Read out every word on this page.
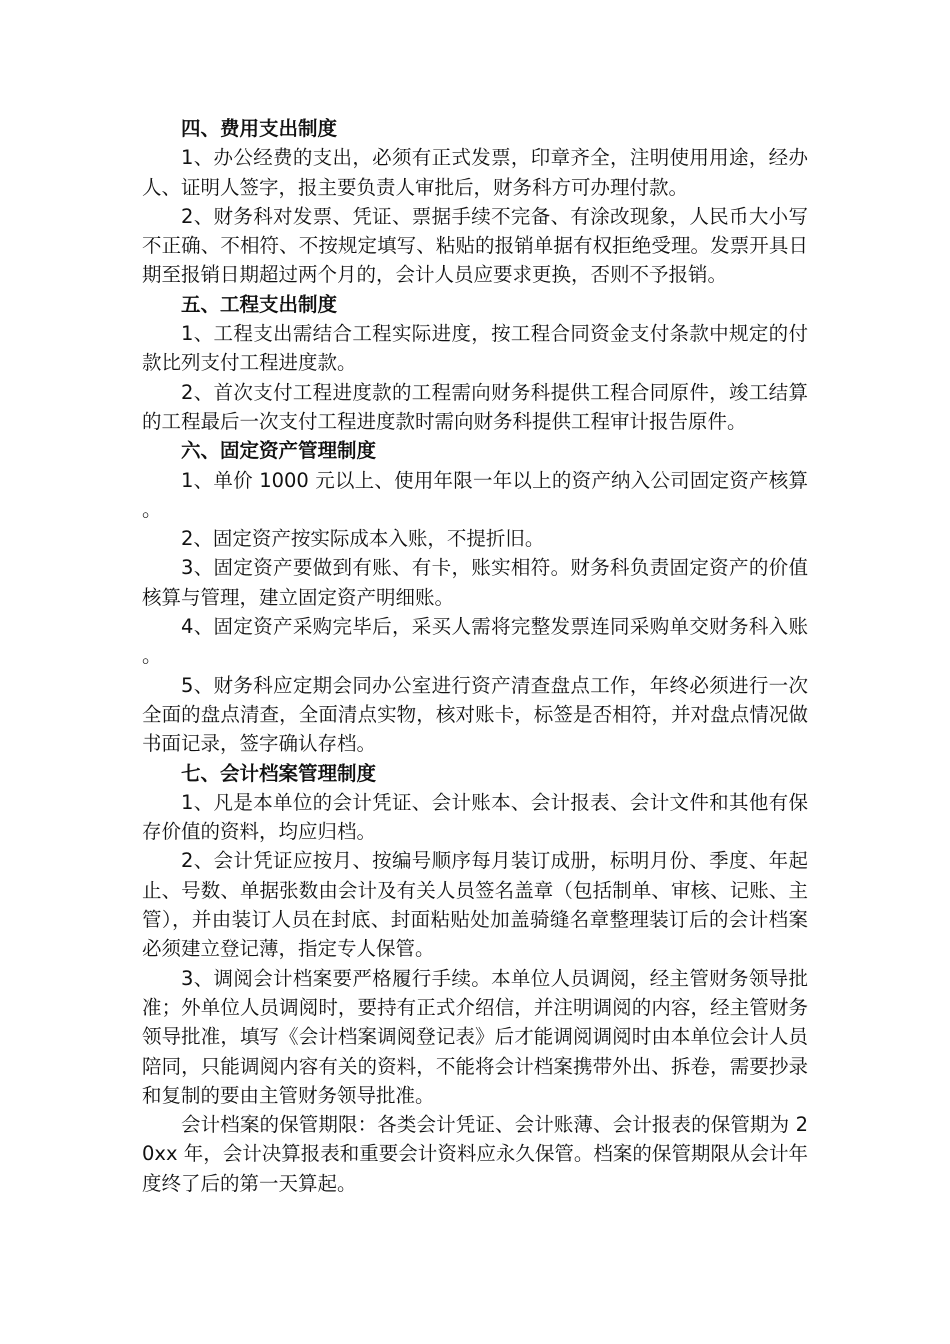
四、费用支出制度

1、办公经费的支出，必须有正式发票，印章齐全，注明使用用途，经办人、证明人签字，报主要负责人审批后，财务科方可办理付款。

2、财务科对发票、凭证、票据手续不完备、有涂改现象，人民币大小写不正确、不相符、不按规定填写、粘贴的报销单据有权拒绝受理。发票开具日期至报销日期超过两个月的，会计人员应要求更换，否则不予报销。

五、工程支出制度

1、工程支出需结合工程实际进度，按工程合同资金支付条款中规定的付款比列支付工程进度款。

2、首次支付工程进度款的工程需向财务科提供工程合同原件，竣工结算的工程最后一次支付工程进度款时需向财务科提供工程审计报告原件。

六、固定资产管理制度

1、单价 1000 元以上、使用年限一年以上的资产纳入公司固定资产核算。

2、固定资产按实际成本入账，不提折旧。

3、固定资产要做到有账、有卡，账实相符。财务科负责固定资产的价值核算与管理，建立固定资产明细账。

4、固定资产采购完毕后，采买人需将完整发票连同采购单交财务科入账。

5、财务科应定期会同办公室进行资产清查盘点工作，年终必须进行一次全面的盘点清查，全面清点实物，核对账卡，标签是否相符，并对盘点情况做书面记录，签字确认存档。

七、会计档案管理制度

1、凡是本单位的会计凭证、会计账本、会计报表、会计文件和其他有保存价值的资料，均应归档。

2、会计凭证应按月、按编号顺序每月装订成册，标明月份、季度、年起止、号数、单据张数由会计及有关人员签名盖章（包括制单、审核、记账、主管），并由装订人员在封底、封面粘贴处加盖骑缝名章整理装订后的会计档案必须建立登记薄，指定专人保管。

3、调阅会计档案要严格履行手续。本单位人员调阅，经主管财务领导批准；外单位人员调阅时，要持有正式介绍信，并注明调阅的内容，经主管财务领导批准，填写《会计档案调阅登记表》后才能调阅调阅时由本单位会计人员陪同，只能调阅内容有关的资料，不能将会计档案携带外出、拆卷，需要抄录和复制的要由主管财务领导批准。

会计档案的保管期限：各类会计凭证、会计账薄、会计报表的保管期为 20xx 年，会计决算报表和重要会计资料应永久保管。档案的保管期限从会计年度终了后的第一天算起。
